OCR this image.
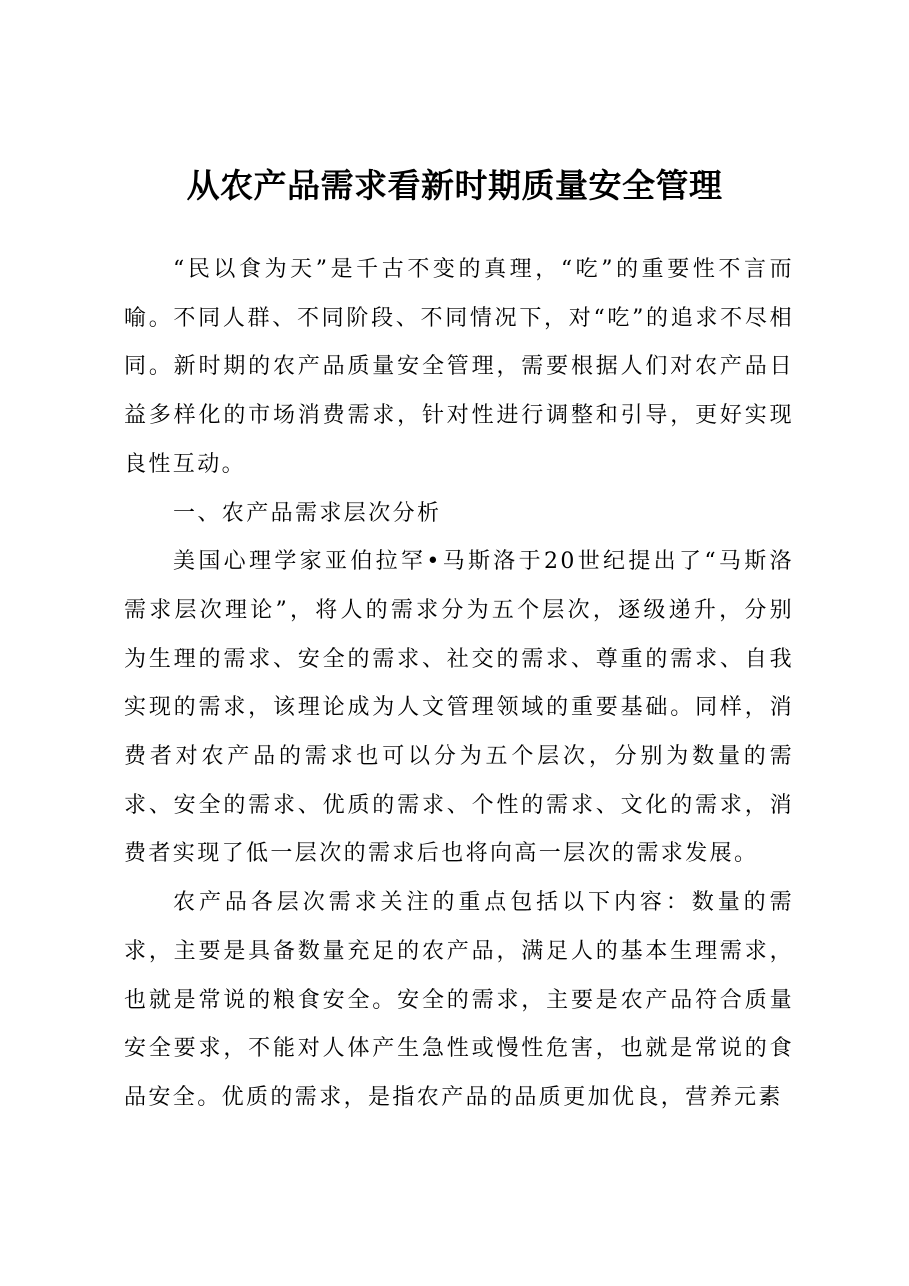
从农产品需求看新时期质量安全管理

“民以食为天”是千古不变的真理，“吃”的重要性不言而喻。不同人群、不同阶段、不同情况下，对“吃”的追求不尽相同。新时期的农产品质量安全管理，需要根据人们对农产品日益多样化的市场消费需求，针对性进行调整和引导，更好实现良性互动。

一、农产品需求层次分析

美国心理学家亚伯拉罕•马斯洛于20世纪提出了“马斯洛需求层次理论”，将人的需求分为五个层次，逐级递升，分别为生理的需求、安全的需求、社交的需求、尊重的需求、自我实现的需求，该理论成为人文管理领域的重要基础。同样，消费者对农产品的需求也可以分为五个层次，分别为数量的需求、安全的需求、优质的需求、个性的需求、文化的需求，消费者实现了低一层次的需求后也将向高一层次的需求发展。

农产品各层次需求关注的重点包括以下内容：数量的需求，主要是具备数量充足的农产品，满足人的基本生理需求，也就是常说的粮食安全。安全的需求，主要是农产品符合质量安全要求，不能对人体产生急性或慢性危害，也就是常说的食品安全。优质的需求，是指农产品的品质更加优良，营养元素
